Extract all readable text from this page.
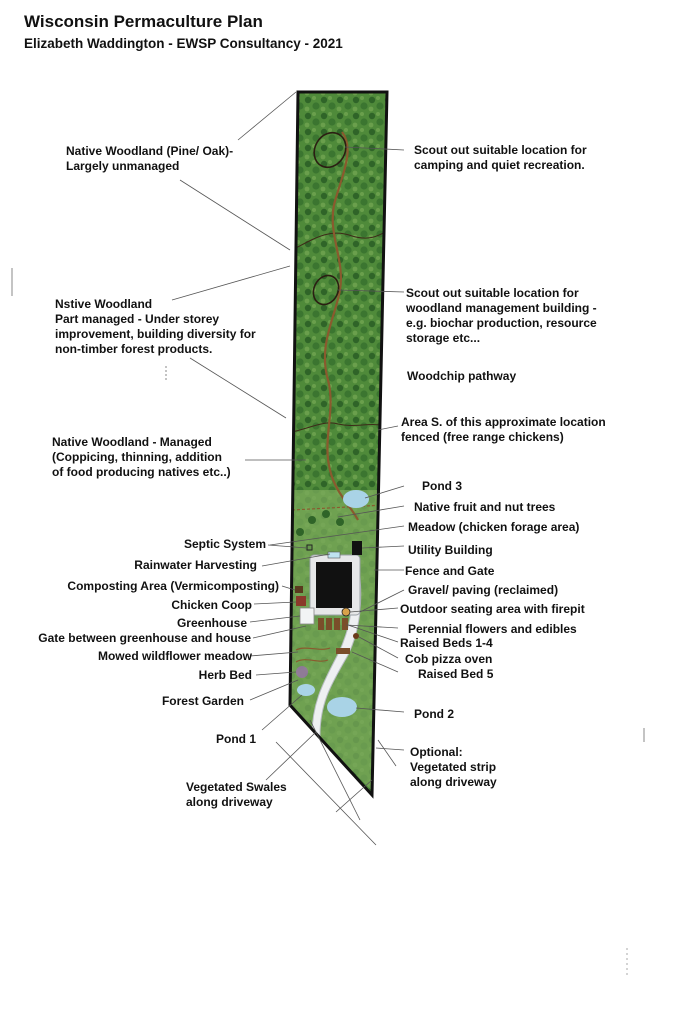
Wisconsin Permaculture Plan
Elizabeth Waddington - EWSP Consultancy - 2021

Native Woodland (Pine/ Oak)-
Largely unmanaged

Nstive Woodland
Part managed - Under storey
improvement, building diversity for
non-timber forest products.

Native Woodland - Managed
(Coppicing, thinning, addition
of food producing natives etc..)

Septic System

Rainwater Harvesting

Composting Area (Vermicomposting)

Chicken Coop

Greenhouse

Gate between greenhouse and house

Mowed wildflower meadow

Herb Bed

Forest Garden

Pond 1

Vegetated Swales
along driveway

Scout out suitable location for
camping and quiet recreation.

Scout out suitable location for
woodland management building -
e.g. biochar production, resource
storage etc...

Woodchip pathway

Area S. of this approximate location
fenced (free range chickens)

Pond 3

Native fruit and nut trees

Meadow (chicken forage area)

Utility Building

Fence and Gate

Gravel/ paving (reclaimed)

Outdoor seating area with firepit

Perennial flowers and edibles

Raised Beds 1-4

Cob pizza oven

Raised Bed 5

Pond 2

Optional:
Vegetated strip
along driveway
